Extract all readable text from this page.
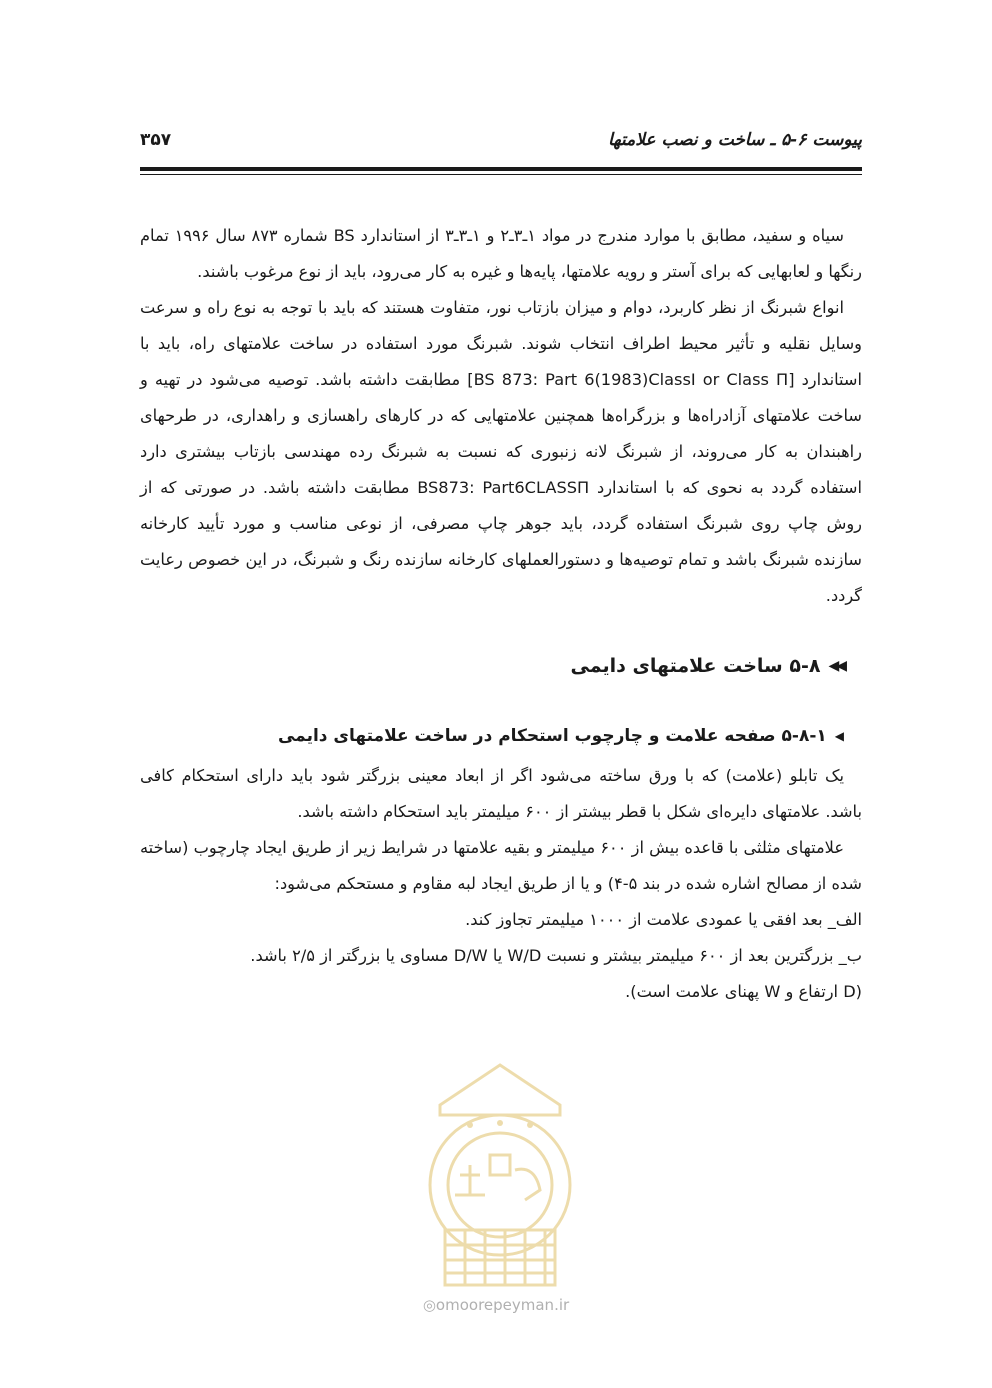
پیوست ۶-۵ ـ ساخت و نصب علامتها
۳۵۷

سیاه و سفید، مطابق با موارد مندرج در مواد ۱ـ۳ـ۲ و ۱ـ۳ـ۳ از استاندارد BS شماره ۸۷۳ سال ۱۹۹۶ تمام رنگها و لعابهایی که برای آستر و رویه علامتها، پایه‌ها و غیره به کار می‌رود، باید از نوع مرغوب باشند.

انواع شبرنگ از نظر کاربرد، دوام و میزان بازتاب نور، متفاوت هستند که باید با توجه به نوع راه و سرعت وسایل نقلیه و تأثیر محیط اطراف انتخاب شوند. شبرنگ مورد استفاده در ساخت علامتهای راه، باید با استاندارد [BS 873: Part 6(1983)ClassI or Class Π] مطابقت داشته باشد. توصیه می‌شود در تهیه و ساخت علامتهای آزادراه‌ها و بزرگراه‌ها همچنین علامتهایی که در کارهای راهسازی و راهداری، در طرحهای راهبندان به کار می‌روند، از شبرنگ لانه زنبوری که نسبت به شبرنگ رده مهندسی بازتاب بیشتری دارد استفاده گردد به نحوی که با استاندارد BS873: Part6CLASSΠ مطابقت داشته باشد. در صورتی که از روش چاپ روی شبرنگ استفاده گردد، باید جوهر چاپ مصرفی، از نوعی مناسب و مورد تأیید کارخانه سازنده شبرنگ باشد و تمام توصیه‌ها و دستورالعملهای کارخانه سازنده رنگ و شبرنگ، در این خصوص رعایت گردد.

◀◀
۵-۸ ساخت علامتهای دایمی
◀
۵-۸-۱ صفحه علامت و چارچوب استحکام در ساخت علامتهای دایمی

یک تابلو (علامت) که با ورق ساخته می‌شود اگر از ابعاد معینی بزرگتر شود باید دارای استحکام کافی باشد. علامتهای دایره‌ای شکل با قطر بیشتر از ۶۰۰ میلیمتر باید استحکام داشته باشد.

علامتهای مثلثی با قاعده بیش از ۶۰۰ میلیمتر و بقیه علامتها در شرایط زیر از طریق ایجاد چارچوب (ساخته شده از مصالح اشاره شده در بند ۵-۴) و یا از طریق ایجاد لبه مقاوم و مستحکم می‌شود:

الف_ بعد افقی یا عمودی علامت از ۱۰۰۰ میلیمتر تجاوز کند.

ب_ بزرگترین بعد از ۶۰۰ میلیمتر بیشتر و نسبت W/D یا D/W مساوی یا بزرگتر از ۲/۵ باشد.

(D ارتفاع و W پهنای علامت است).

◎omoorepeyman.ir
